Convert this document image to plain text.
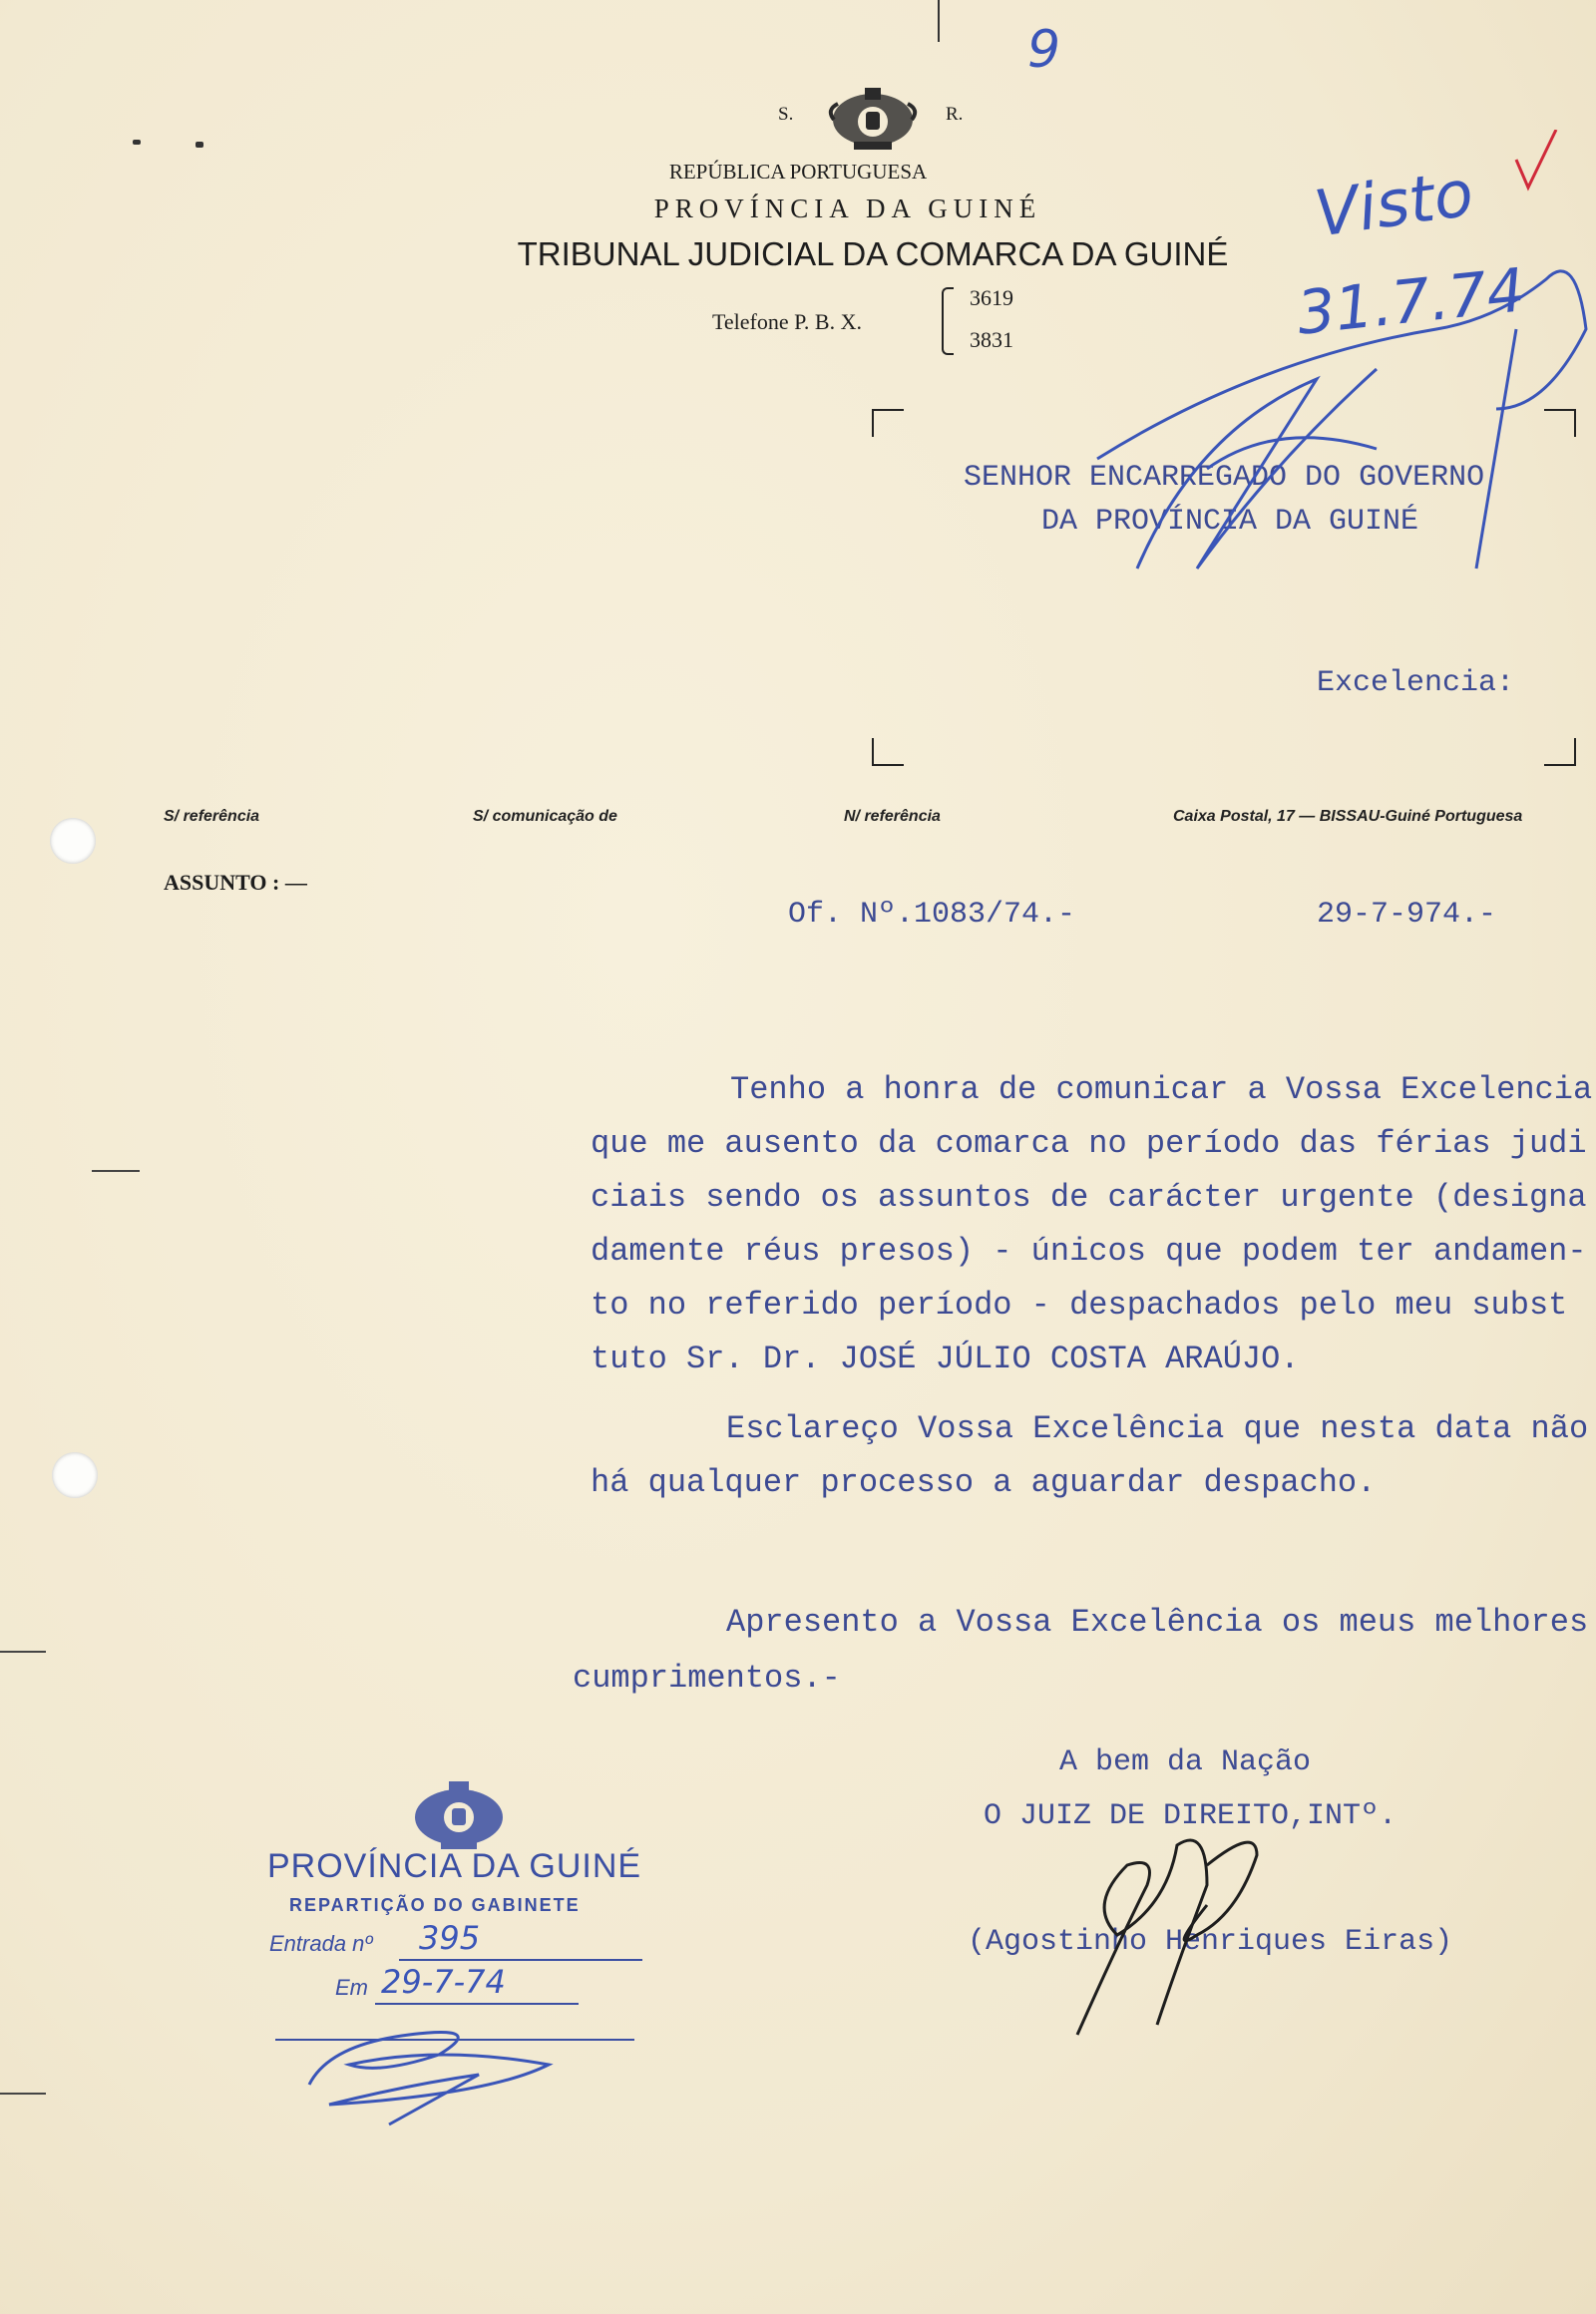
9
S.	R.
REPÚBLICA PORTUGUESA
PROVÍNCIA DA GUINÉ
TRIBUNAL JUDICIAL DA COMARCA DA GUINÉ
Telefone P. B. X.
3619
3831
SENHOR ENCARREGADO DO GOVERNO
DA PROVÍNCIA DA GUINÉ
Visto
31.7.74
Excelencia:
S/ referência	S/ comunicação de	N/ referência	Caixa Postal, 17 — BISSAU-Guiné Portuguesa
ASSUNTO : —
Of. Nº.1083/74.-	29-7-974.-
Tenho a honra de comunicar a Vossa Excelencia
que me ausento da comarca no período das férias judi
ciais sendo os assuntos de carácter urgente (designa
damente réus presos) - únicos que podem ter andamen-
to no referido período - despachados pelo meu subst
tuto Sr. Dr. JOSÉ JÚLIO COSTA ARAÚJO.
Esclareço Vossa Excelência que nesta data não
há qualquer processo a aguardar despacho.
Apresento a Vossa Excelência os meus melhores
cumprimentos.-
A bem da Nação
O JUIZ DE DIREITO,INTº.
(Agostinho Henriques Eiras)
PROVÍNCIA DA GUINÉ
REPARTIÇÃO DO GABINETE
Entrada nº 395
Em 29-7-74
